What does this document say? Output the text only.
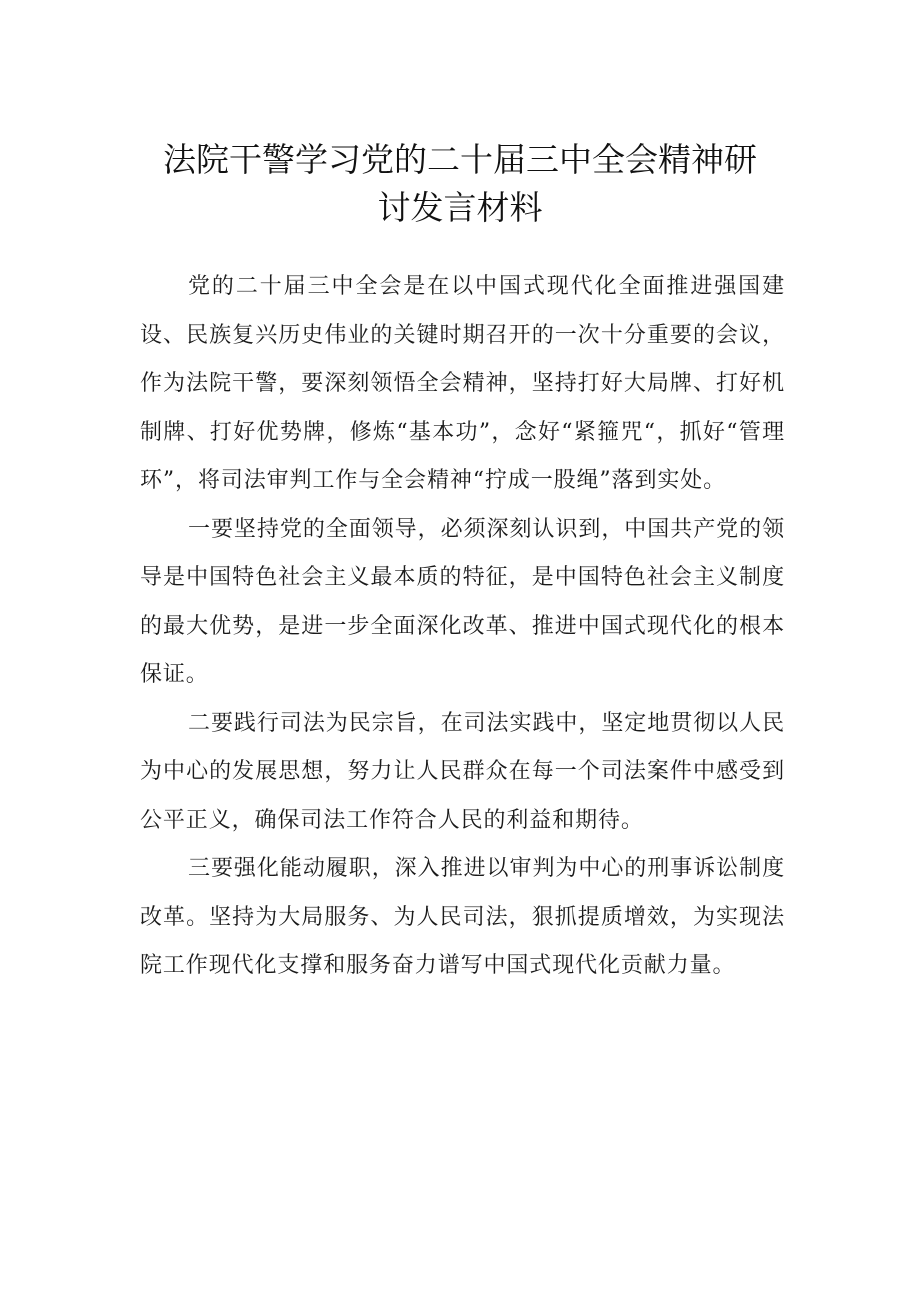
法院干警学习党的二十届三中全会精神研
讨发言材料

党的二十届三中全会是在以中国式现代化全面推进强国建设、民族复兴历史伟业的关键时期召开的一次十分重要的会议，作为法院干警，要深刻领悟全会精神，坚持打好大局牌、打好机制牌、打好优势牌，修炼“基本功”，念好“紧箍咒“，抓好“管理环”，将司法审判工作与全会精神“拧成一股绳”落到实处。

一要坚持党的全面领导，必须深刻认识到，中国共产党的领导是中国特色社会主义最本质的特征，是中国特色社会主义制度的最大优势，是进一步全面深化改革、推进中国式现代化的根本保证。

二要践行司法为民宗旨，在司法实践中，坚定地贯彻以人民为中心的发展思想，努力让人民群众在每一个司法案件中感受到公平正义，确保司法工作符合人民的利益和期待。

三要强化能动履职，深入推进以审判为中心的刑事诉讼制度改革。坚持为大局服务、为人民司法，狠抓提质增效，为实现法院工作现代化支撑和服务奋力谱写中国式现代化贡献力量。
